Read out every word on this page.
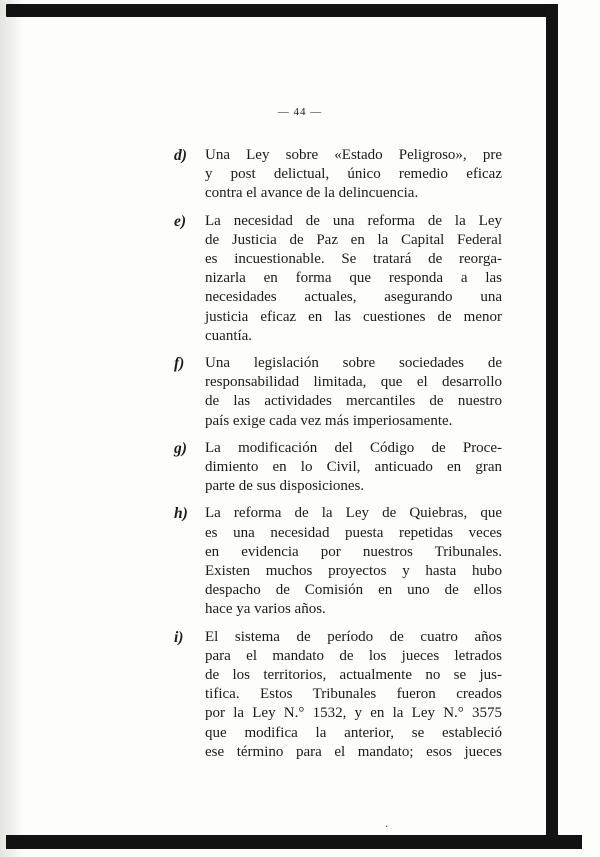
— 44 —
d) Una Ley sobre «Estado Peligroso», pre
y post delictual, único remedio eficaz
contra el avance de la delincuencia.
e) La necesidad de una reforma de la Ley
de Justicia de Paz en la Capital Federal
es incuestionable. Se tratará de reorga-
nizarla en forma que responda a las
necesidades actuales, asegurando una
justicia eficaz en las cuestiones de menor
cuantía.
f) Una legislación sobre sociedades de
responsabilidad limitada, que el desarrollo
de las actividades mercantiles de nuestro
país exige cada vez más imperiosamente.
g) La modificación del Código de Proce-
dimiento en lo Civil, anticuado en gran
parte de sus disposiciones.
h) La reforma de la Ley de Quiebras, que
es una necesidad puesta repetidas veces
en evidencia por nuestros Tribunales.
Existen muchos proyectos y hasta hubo
despacho de Comisión en uno de ellos
hace ya varios años.
i) El sistema de período de cuatro años
para el mandato de los jueces letrados
de los territorios, actualmente no se jus-
tifica. Estos Tribunales fueron creados
por la Ley N.° 1532, y en la Ley N.° 3575
que modifica la anterior, se estableció
ese término para el mandato; esos jueces
·
